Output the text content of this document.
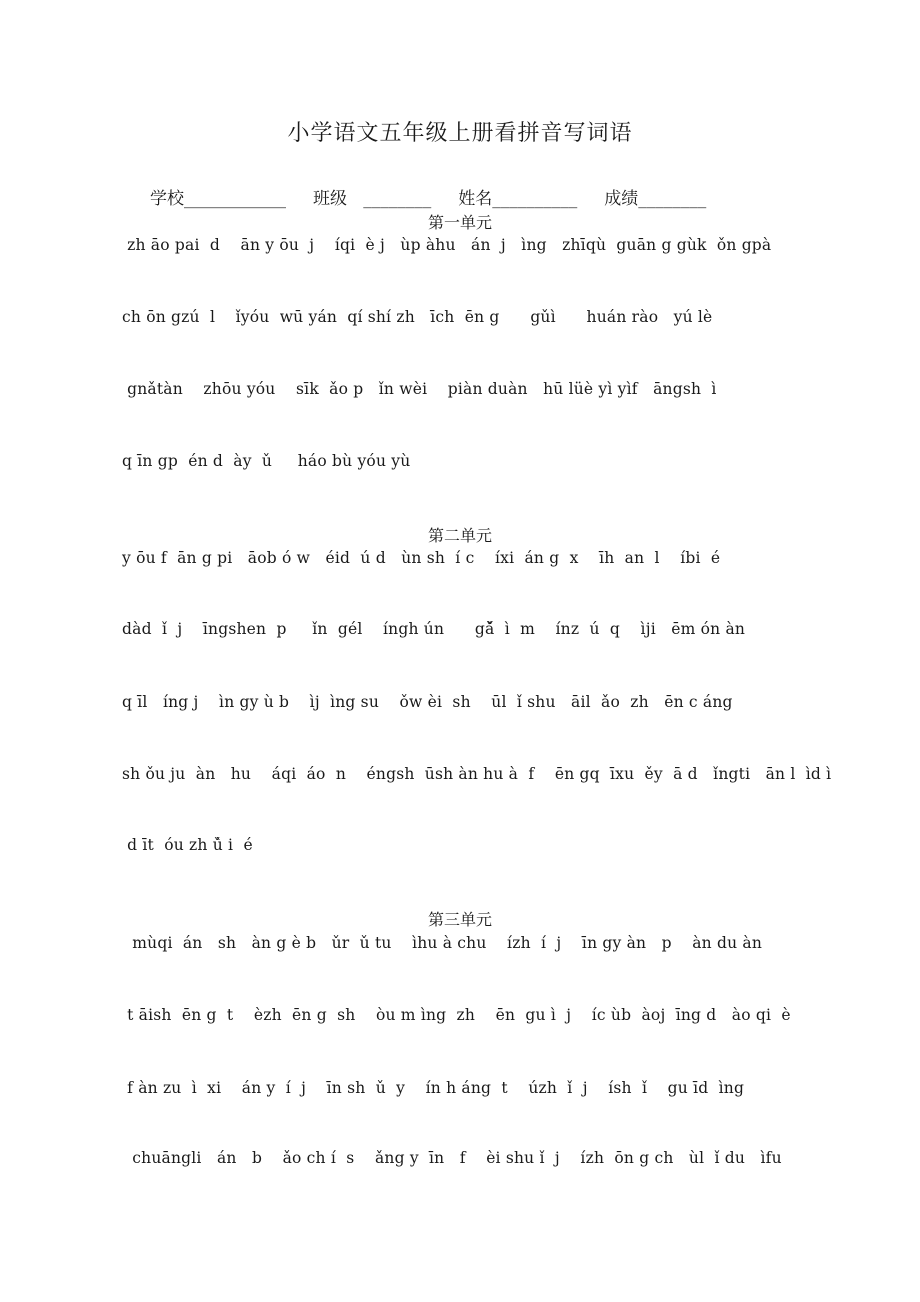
小学语文五年级上册看拼音写词语
学校____________     班级   ________     姓名__________     成绩________
第一单元
zh āo pai  d    ān y ōu  j    íqi  è j   ùp àhu   án  j   ìng   zhīqù  guān g gùk  ǒn gpà
ch ōn gzú  l    ǐyóu  wū yán  qí shí zh   īch  ēn g      gǔì      huán rào   yú lè
gnǎtàn    zhōu yóu    sīk  ǎo p   ǐn wèi    piàn duàn   hū lüè yì yìf   āngsh  ì
q īn gp  én d  ày  ǔ     háo bù yóu yù
第二单元
y ōu f  ān g pi   āob ó w   éid  ú d   ùn sh  í c    íxi  án g  x    īh  an  l    íbi  é
dàd  ǐ  j    īngshen  p     ǐn  gél    íngh ún      gǎ̌  ì  m    ínz  ú  q    ìji   ēm ón àn
q īl   íng j    ìn gy ù b    ìj  ìng su    ǒw èi  sh    ūl  ǐ shu   āil  ǎo  zh   ēn c áng
sh ǒu ju  àn   hu    áqi  áo  n    éngsh  ūsh àn hu à  f    ēn gq  īxu  ěy  ā d   ǐngti   ān l  ìd ì
d īt  óu zh ǔ̀ i  é
第三单元
mùqi  án   sh   àn g è b   ǔr  ǔ tu    ìhu à chu    ízh  í  j    īn gy àn   p    àn du àn
t āish  ēn g  t    èzh  ēn g  sh    òu m ìng  zh    ēn  gu ì  j    íc ùb  àoj  īng d   ào qi  è
f àn zu  ì  xi    án y  í  j    īn sh  ǔ  y    ín h áng  t    úzh  ǐ  j    ísh  ǐ    gu īd  ìng
chuāngli   án   b    ǎo ch í  s    ǎng y  īn   f    èi shu ǐ  j    ízh  ōn g ch   ùl  ǐ du   ìfu
